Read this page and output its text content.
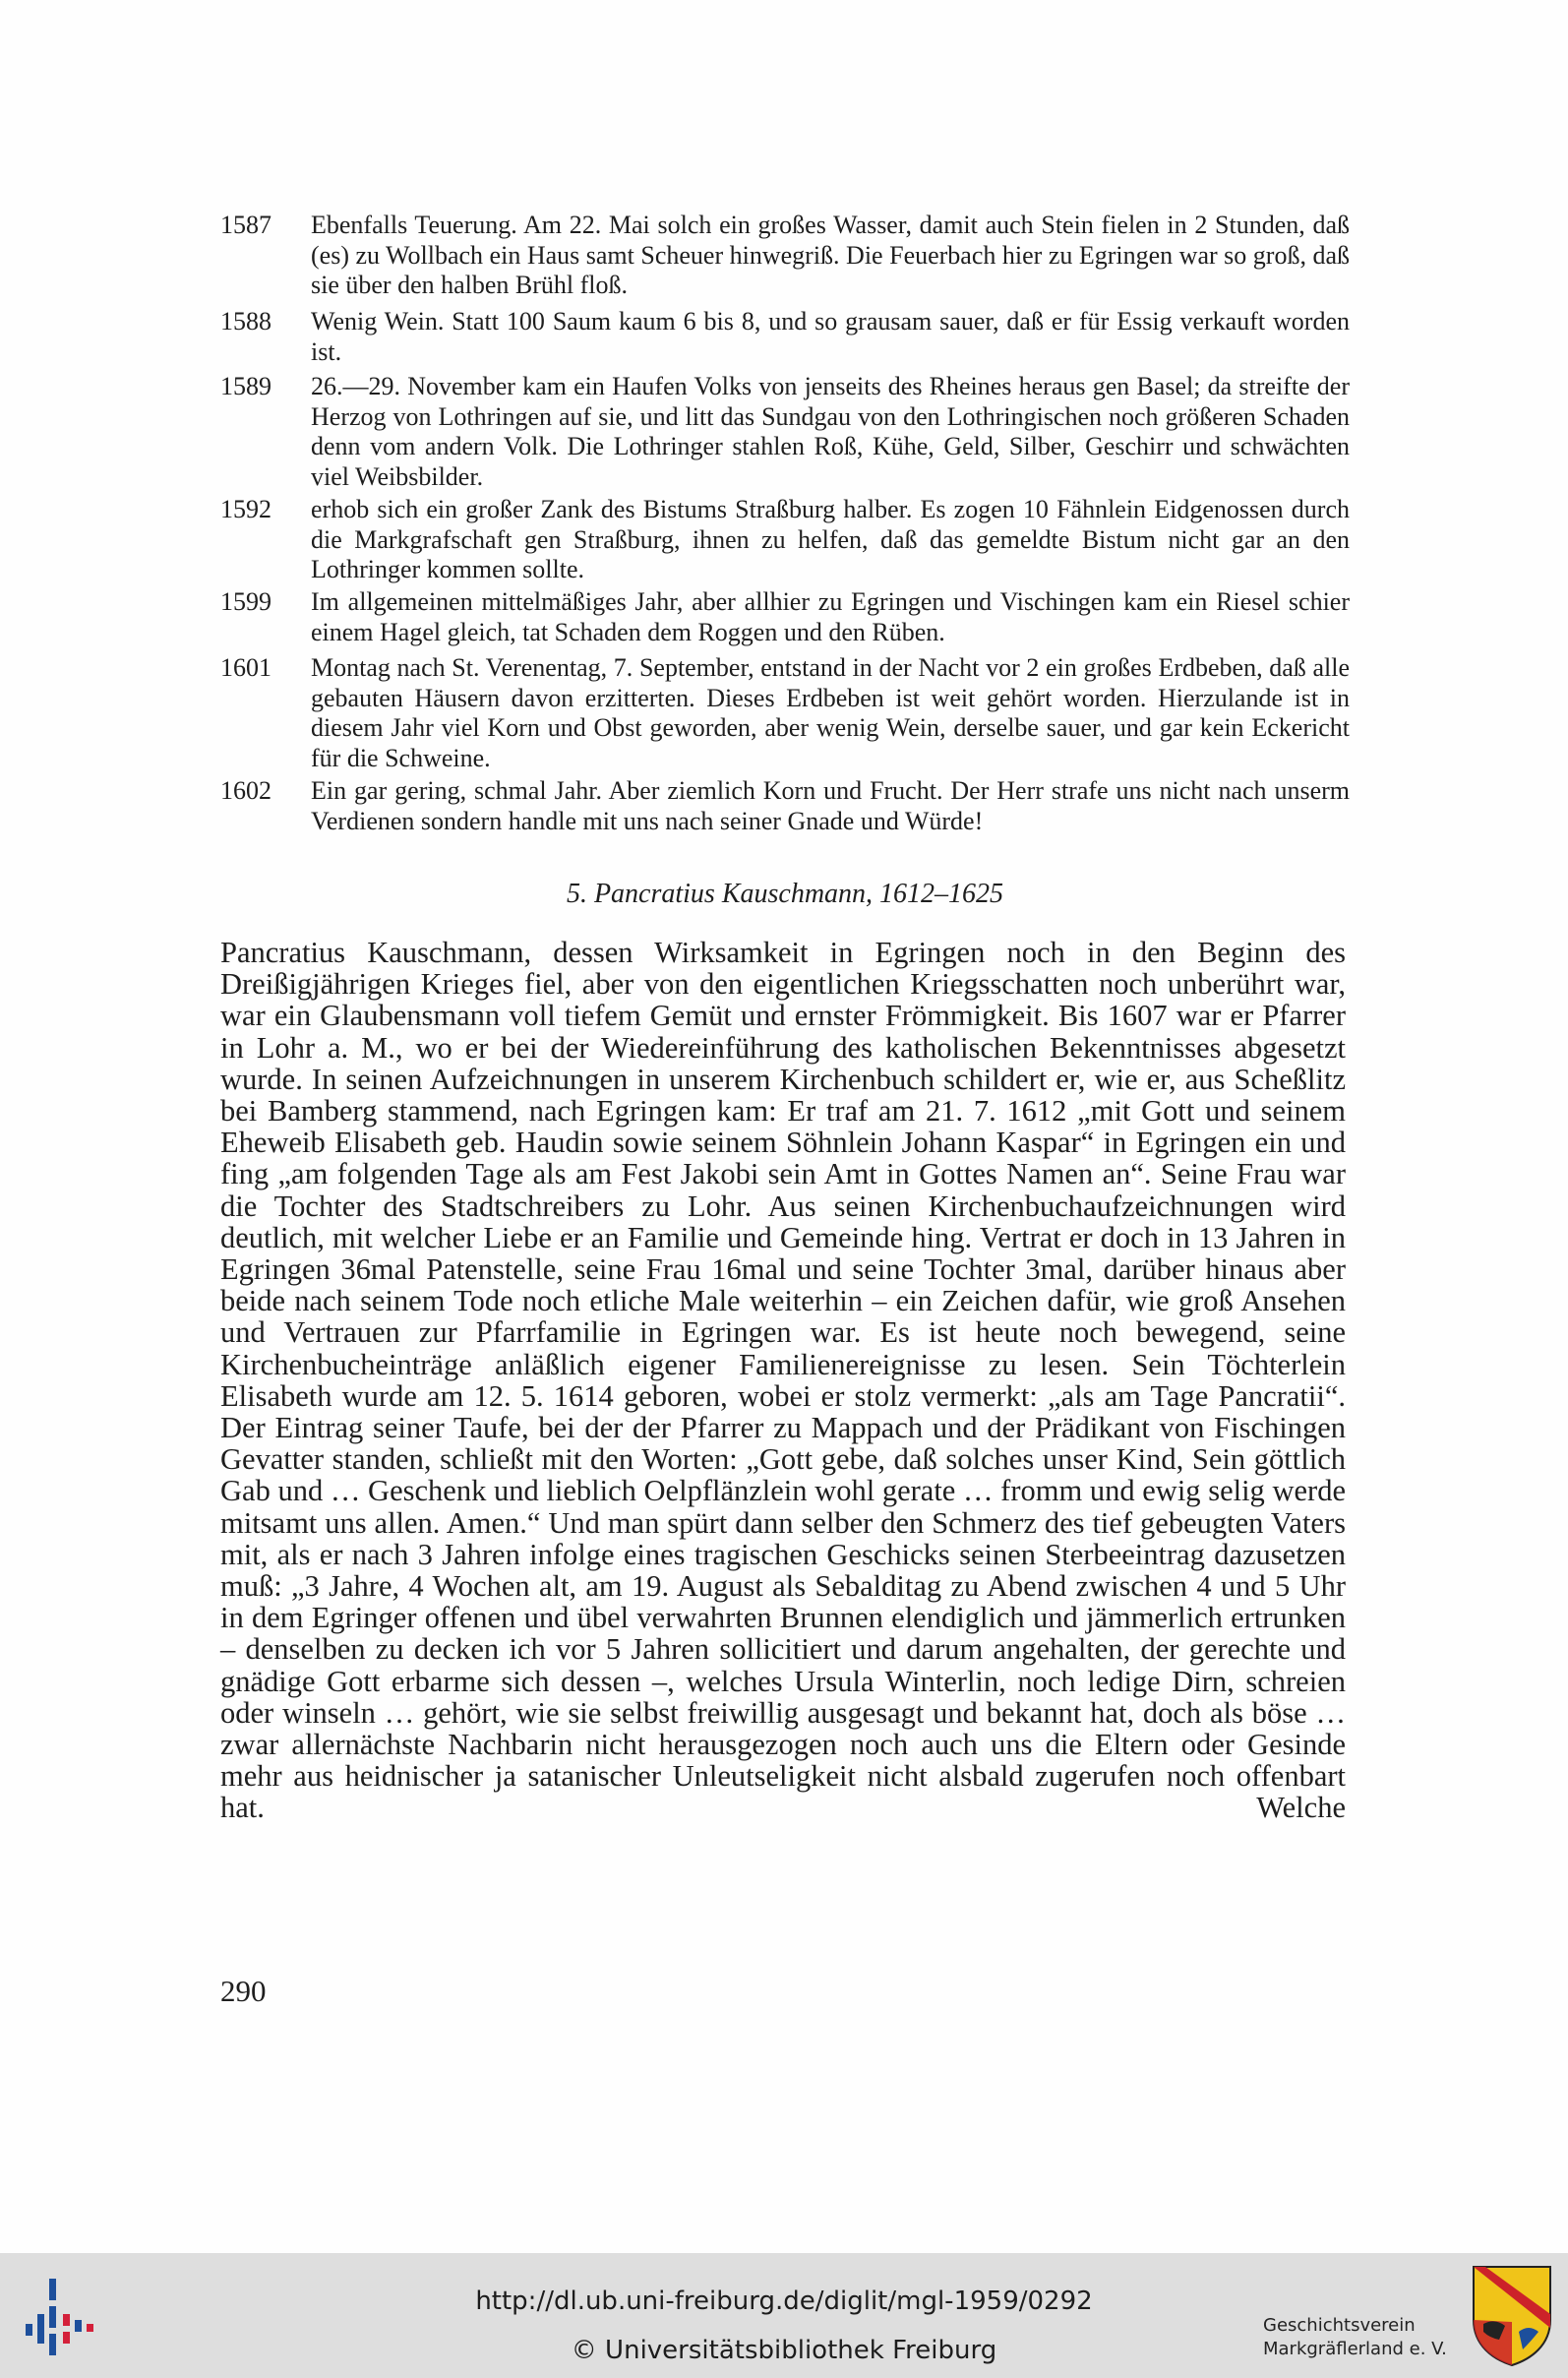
1587	Ebenfalls Teuerung. Am 22. Mai solch ein großes Wasser, damit auch Stein fielen in 2 Stunden, daß (es) zu Wollbach ein Haus samt Scheuer hinwegriß. Die Feuerbach hier zu Egringen war so groß, daß sie über den halben Brühl floß.
1588	Wenig Wein. Statt 100 Saum kaum 6 bis 8, und so grausam sauer, daß er für Essig verkauft worden ist.
1589	26.—29. November kam ein Haufen Volks von jenseits des Rheines heraus gen Basel; da streifte der Herzog von Lothringen auf sie, und litt das Sundgau von den Lothringischen noch größeren Schaden denn vom andern Volk. Die Lothringer stahlen Roß, Kühe, Geld, Silber, Geschirr und schwächten viel Weibsbilder.
1592	erhob sich ein großer Zank des Bistums Straßburg halber. Es zogen 10 Fähnlein Eidgenossen durch die Markgrafschaft gen Straßburg, ihnen zu helfen, daß das gemeldte Bistum nicht gar an den Lothringer kommen sollte.
1599	Im allgemeinen mittelmäßiges Jahr, aber allhier zu Egringen und Vischingen kam ein Riesel schier einem Hagel gleich, tat Schaden dem Roggen und den Rüben.
1601	Montag nach St. Verenentag, 7. September, entstand in der Nacht vor 2 ein großes Erdbeben, daß alle gebauten Häusern davon erzitterten. Dieses Erdbeben ist weit gehört worden. Hierzulande ist in diesem Jahr viel Korn und Obst geworden, aber wenig Wein, derselbe sauer, und gar kein Eckericht für die Schweine.
1602	Ein gar gering, schmal Jahr. Aber ziemlich Korn und Frucht. Der Herr strafe uns nicht nach unserm Verdienen sondern handle mit uns nach seiner Gnade und Würde!
5. Pancratius Kauschmann, 1612–1625

Pancratius Kauschmann, dessen Wirksamkeit in Egringen noch in den Beginn des Dreißigjährigen Krieges fiel, aber von den eigentlichen Kriegsschatten noch unberührt war, war ein Glaubensmann voll tiefem Gemüt und ernster Frömmigkeit. Bis 1607 war er Pfarrer in Lohr a. M., wo er bei der Wiedereinführung des katholischen Bekenntnisses abgesetzt wurde. In seinen Aufzeichnungen in unserem Kirchenbuch schildert er, wie er, aus Scheßlitz bei Bamberg stammend, nach Egringen kam: Er traf am 21. 7. 1612 „mit Gott und seinem Eheweib Elisabeth geb. Haudin sowie seinem Söhnlein Johann Kaspar“ in Egringen ein und fing „am folgenden Tage als am Fest Jakobi sein Amt in Gottes Namen an“. Seine Frau war die Tochter des Stadtschreibers zu Lohr. Aus seinen Kirchenbuchaufzeichnungen wird deutlich, mit welcher Liebe er an Familie und Gemeinde hing. Vertrat er doch in 13 Jahren in Egringen 36mal Patenstelle, seine Frau 16mal und seine Tochter 3mal, darüber hinaus aber beide nach seinem Tode noch etliche Male weiterhin – ein Zeichen dafür, wie groß Ansehen und Vertrauen zur Pfarrfamilie in Egringen war. Es ist heute noch bewegend, seine Kirchenbucheinträge anläßlich eigener Familienereignisse zu lesen. Sein Töchterlein Elisabeth wurde am 12. 5. 1614 geboren, wobei er stolz vermerkt: „als am Tage Pancratii“. Der Eintrag seiner Taufe, bei der der Pfarrer zu Mappach und der Prädikant von Fischingen Gevatter standen, schließt mit den Worten: „Gott gebe, daß solches unser Kind, Sein göttlich Gab und … Geschenk und lieblich Oelpflänzlein wohl gerate … fromm und ewig selig werde mitsamt uns allen. Amen.“ Und man spürt dann selber den Schmerz des tief gebeugten Vaters mit, als er nach 3 Jahren infolge eines tragischen Geschicks seinen Sterbeeintrag dazusetzen muß: „3 Jahre, 4 Wochen alt, am 19. August als Sebalditag zu Abend zwischen 4 und 5 Uhr in dem Egringer offenen und übel verwahrten Brunnen elendiglich und jämmerlich ertrunken – denselben zu decken ich vor 5 Jahren sollicitiert und darum angehalten, der gerechte und gnädige Gott erbarme sich dessen –, welches Ursula Winterlin, noch ledige Dirn, schreien oder winseln … gehört, wie sie selbst freiwillig ausgesagt und bekannt hat, doch als böse … zwar allernächste Nachbarin nicht herausgezogen noch auch uns die Eltern oder Gesinde mehr aus heidnischer ja satanischer Unleutseligkeit nicht alsbald zugerufen noch offenbart hat. Welche

290
http://dl.ub.uni-freiburg.de/diglit/mgl-1959/0292
© Universitätsbibliothek Freiburg
Geschichtsverein
Markgräflerland e. V.
